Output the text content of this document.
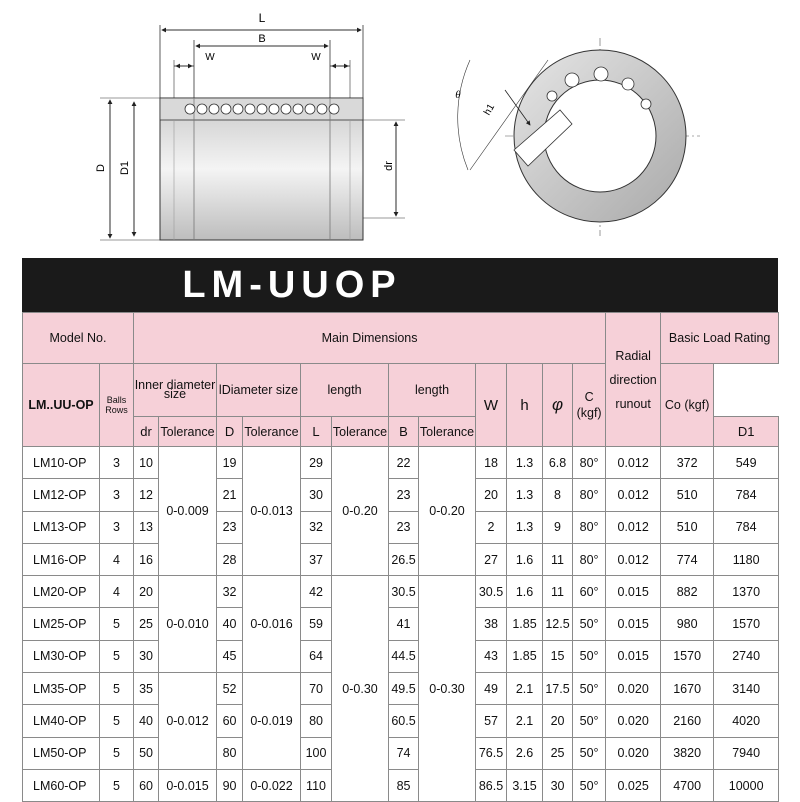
L
B
W	W
D D1	dr
θ
h1
LM-UUOP
Model No.		Main Dimensions												Radial direction runout	Basic Load Rating	
LM..UU-OP	Balls Rows	Inner diameter size		lDiameter size		length		length		W	h	φ	C (kgf)		Co (kgf)	
		dr	Tolerance	D	Tolerance	L	Tolerance	B	Tolerance							D1
LM10-OP	3	10	0-0.009	19	0-0.013	29	0-0.20	22	0-0.20	18	1.3	6.8	80°	0.012	372	549
LM12-OP	3	12		21		30		23		20	1.3	8	80°	0.012	510	784
LM13-OP	3	13		23		32		23		2	1.3	9	80°	0.012	510	784
LM16-OP	4	16		28		37		26.5		27	1.6	11	80°	0.012	774	1180
LM20-OP	4	20	0-0.010	32	0-0.016	42	0-0.30	30.5	0-0.30	30.5	1.6	11	60°	0.015	882	1370
LM25-OP	5	25		40		59		41		38	1.85	12.5	50°	0.015	980	1570
LM30-OP	5	30		45		64		44.5		43	1.85	15	50°	0.015	1570	2740
LM35-OP	5	35	0-0.012	52	0-0.019	70		49.5		49	2.1	17.5	50°	0.020	1670	3140
LM40-OP	5	40		60		80		60.5		57	2.1	20	50°	0.020	2160	4020
LM50-OP	5	50		80		100		74		76.5	2.6	25	50°	0.020	3820	7940
LM60-OP	5	60	0-0.015	90	0-0.022	110		85		86.5	3.15	30	50°	0.025	4700	10000
